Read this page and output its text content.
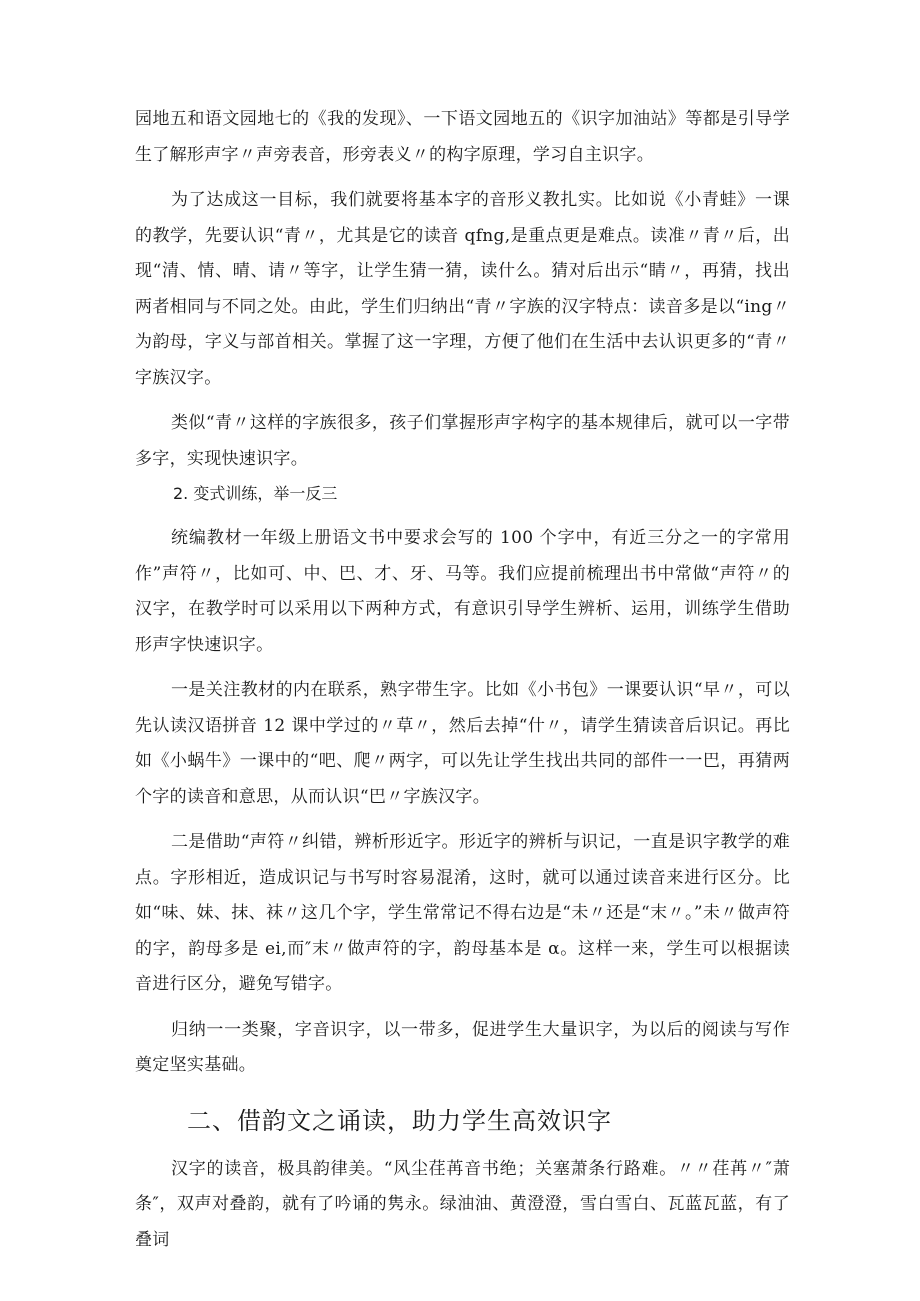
园地五和语文园地七的《我的发现》、一下语文园地五的《识字加油站》等都是引导学生了解形声字〃声旁表音，形旁表义〃的构字原理，学习自主识字。

为了达成这一目标，我们就要将基本字的音形义教扎实。比如说《小青蛙》一课的教学，先要认识“青〃，尤其是它的读音 qfng,是重点更是难点。读准〃青〃后，出现“清、情、晴、请〃等字，让学生猜一猜，读什么。猜对后出示“睛〃，再猜，找出两者相同与不同之处。由此，学生们归纳出“青〃字族的汉字特点：读音多是以“ing〃为韵母，字义与部首相关。掌握了这一字理，方便了他们在生活中去认识更多的“青〃字族汉字。

类似“青〃这样的字族很多，孩子们掌握形声字构字的基本规律后，就可以一字带多字，实现快速识字。

2. 变式训练，举一反三

统编教材一年级上册语文书中要求会写的 100 个字中，有近三分之一的字常用作”声符〃，比如可、中、巴、才、牙、马等。我们应提前梳理出书中常做“声符〃的汉字，在教学时可以采用以下两种方式，有意识引导学生辨析、运用，训练学生借助形声字快速识字。

一是关注教材的内在联系，熟字带生字。比如《小书包》一课要认识“早〃，可以先认读汉语拼音 12 课中学过的〃草〃，然后去掉“什〃，请学生猜读音后识记。再比如《小蜗牛》一课中的“吧、爬〃两字，可以先让学生找出共同的部件一一巴，再猜两个字的读音和意思，从而认识“巴〃字族汉字。

二是借助“声符〃纠错，辨析形近字。形近字的辨析与识记，一直是识字教学的难点。字形相近，造成识记与书写时容易混淆，这时，就可以通过读音来进行区分。比如“味、妹、抹、袜〃这几个字，学生常常记不得右边是“未〃还是“末〃。”未〃做声符的字，韵母多是 ei,而″末〃做声符的字，韵母基本是 α。这样一来，学生可以根据读音进行区分，避免写错字。

归纳一一类聚，字音识字，以一带多，促进学生大量识字，为以后的阅读与写作奠定坚实基础。

二、借韵文之诵读，助力学生高效识字

汉字的读音，极具韵律美。“风尘荏苒音书绝；关塞萧条行路难。〃〃荏苒〃″萧条″，双声对叠韵，就有了吟诵的隽永。绿油油、黄澄澄，雪白雪白、瓦蓝瓦蓝，有了叠词
